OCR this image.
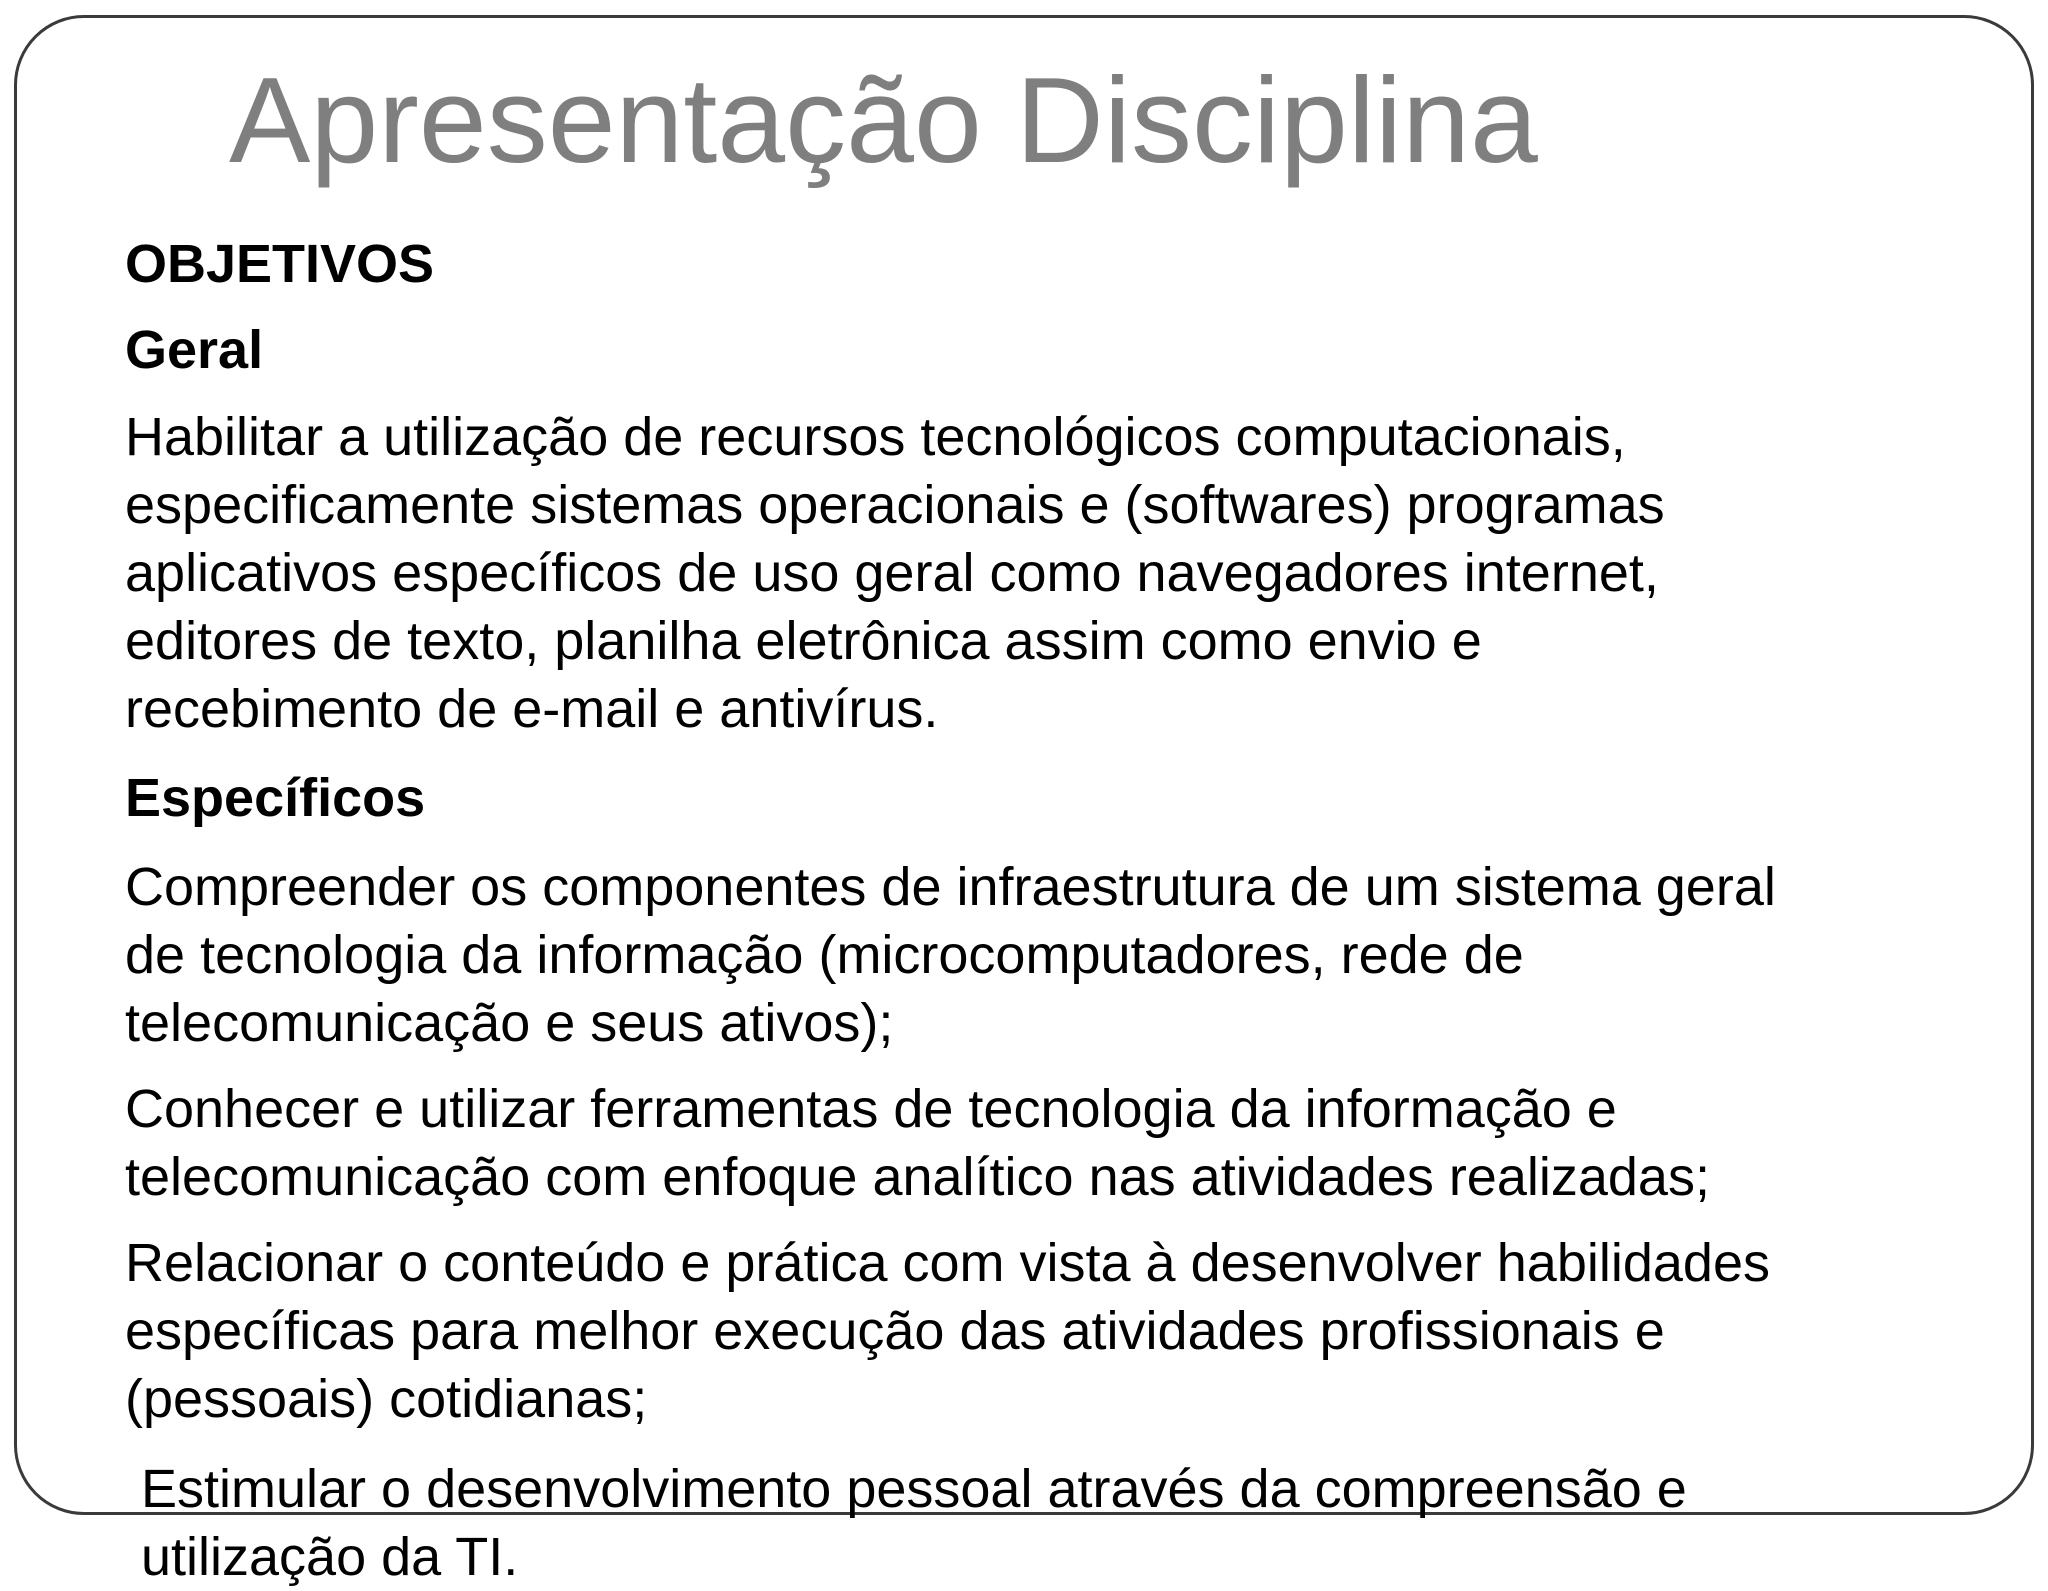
Apresentação Disciplina

OBJETIVOS

Geral

Habilitar a utilização de recursos tecnológicos computacionais,
especificamente sistemas operacionais e (softwares) programas
aplicativos específicos de uso geral como navegadores internet,
editores de texto, planilha eletrônica assim como envio e
recebimento de e-mail e antivírus.

Específicos

Compreender os componentes de infraestrutura de um sistema geral
de tecnologia da informação (microcomputadores, rede de
telecomunicação e seus ativos);

Conhecer e utilizar ferramentas de tecnologia da informação e
telecomunicação com enfoque analítico nas atividades realizadas;

Relacionar o conteúdo e prática com vista à desenvolver habilidades
específicas para melhor execução das atividades profissionais e
(pessoais) cotidianas;

Estimular o desenvolvimento pessoal através da compreensão e
utilização da TI.
